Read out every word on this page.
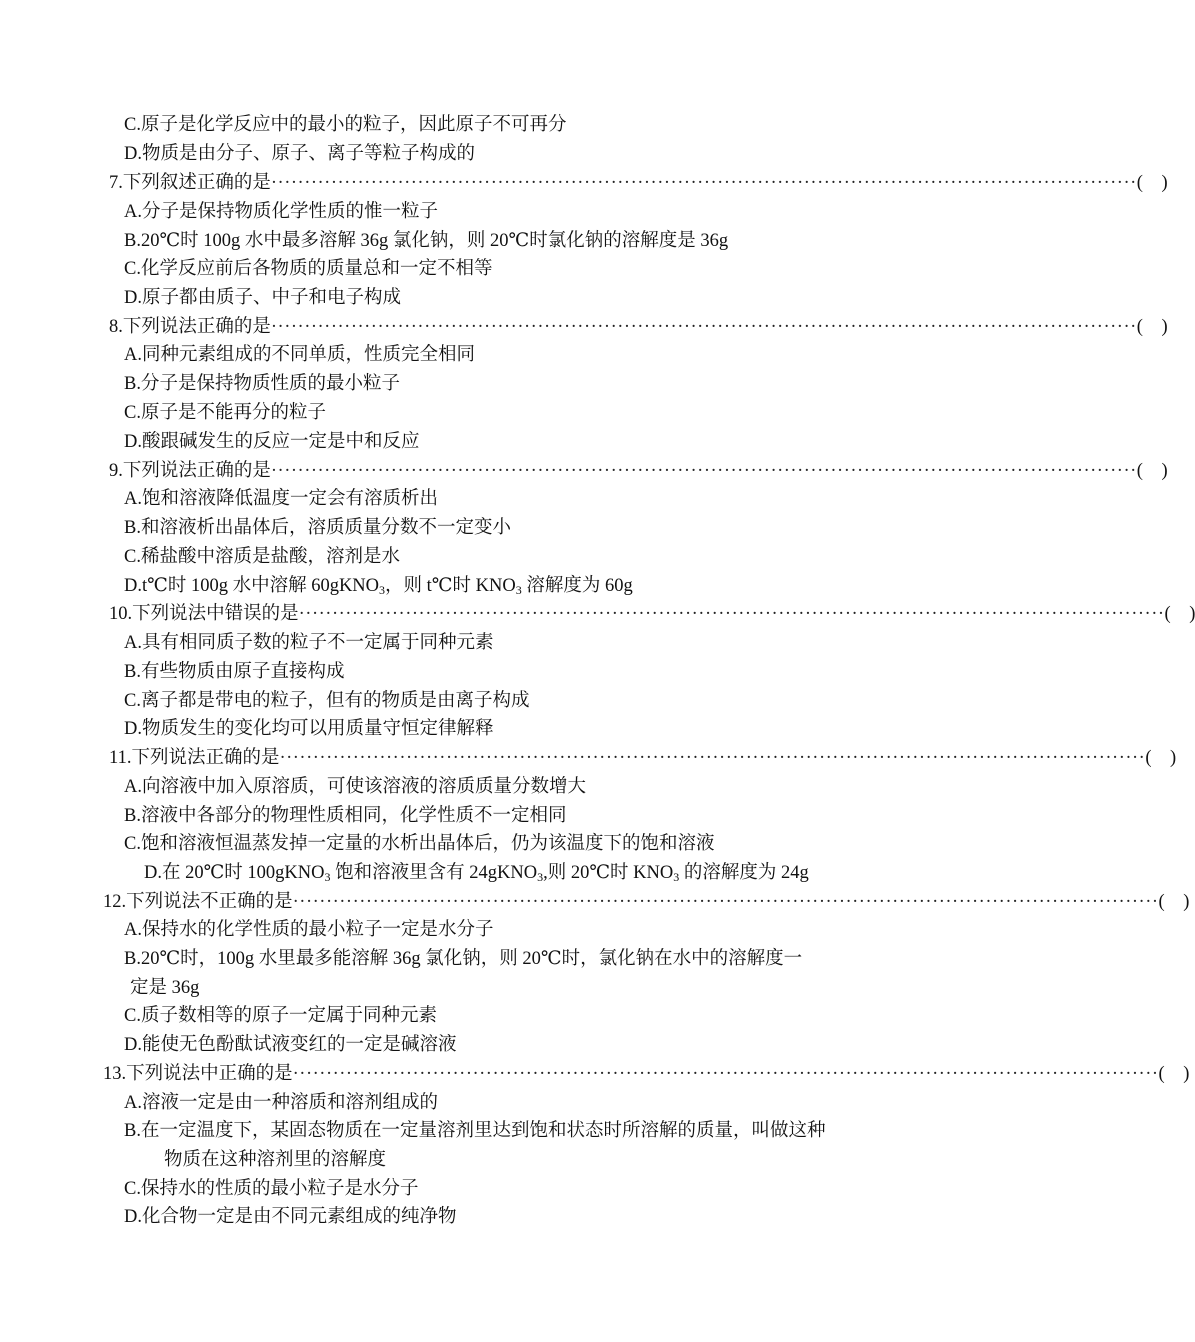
C.原子是化学反应中的最小的粒子，因此原子不可再分
D.物质是由分子、原子、离子等粒子构成的
7.下列叙述正确的是 ·································································································································· (    )
A.分子是保持物质化学性质的惟一粒子
B.20℃时 100g 水中最多溶解 36g 氯化钠，则 20℃时氯化钠的溶解度是 36g
C.化学反应前后各物质的质量总和一定不相等
D.原子都由质子、中子和电子构成
8.下列说法正确的是 ·································································································································· (    )
A.同种元素组成的不同单质，性质完全相同
B.分子是保持物质性质的最小粒子
C.原子是不能再分的粒子
D.酸跟碱发生的反应一定是中和反应
9.下列说法正确的是 ·································································································································· (    )
A.饱和溶液降低温度一定会有溶质析出
B.和溶液析出晶体后，溶质质量分数不一定变小
C.稀盐酸中溶质是盐酸，溶剂是水
D.t℃时 100g 水中溶解 60gKNO$_3$，则 t℃时 $KNO_3$ 溶解度为 60g
10.下列说法中错误的是 ·································································································································· (    )
A.具有相同质子数的粒子不一定属于同种元素
B.有些物质由原子直接构成
C.离子都是带电的粒子，但有的物质是由离子构成
D.物质发生的变化均可以用质量守恒定律解释
11.下列说法正确的是 ·································································································································· (    )
A.向溶液中加入原溶质，可使该溶液的溶质质量分数增大
B.溶液中各部分的物理性质相同，化学性质不一定相同
C.饱和溶液恒温蒸发掉一定量的水析出晶体后，仍为该温度下的饱和溶液
D.在 20℃时 100gKNO$_3$ 饱和溶液里含有 24gKNO$_3$,则 20℃时 $KNO_3$ 的溶解度为 24g
12.下列说法不正确的是 ·································································································································· (    )
A.保持水的化学性质的最小粒子一定是水分子
B.20℃时，100g 水里最多能溶解 36g 氯化钠，则 20℃时，氯化钠在水中的溶解度一
定是 36g
C.质子数相等的原子一定属于同种元素
D.能使无色酚酞试液变红的一定是碱溶液
13.下列说法中正确的是 ·································································································································· (    )
A.溶液一定是由一种溶质和溶剂组成的
B.在一定温度下，某固态物质在一定量溶剂里达到饱和状态时所溶解的质量，叫做这种
物质在这种溶剂里的溶解度
C.保持水的性质的最小粒子是水分子
D.化合物一定是由不同元素组成的纯净物
